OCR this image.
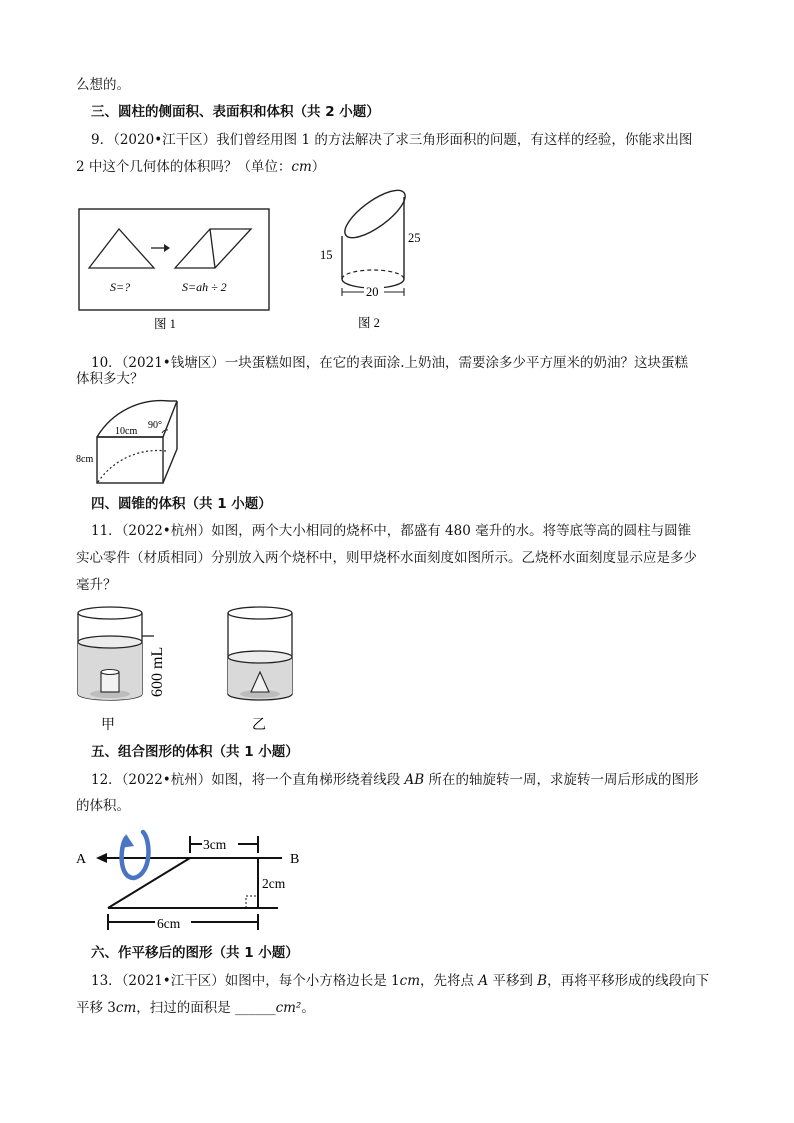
么想的。
三、圆柱的侧面积、表面积和体积（共 2 小题）
9．（2020•江干区）我们曾经用图 1 的方法解决了求三角形面积的问题，有这样的经验，你能求出图
2 中这个几何体的体积吗？（单位：cm）
S=?	S=ah ÷ 2
图 1
20
15
25
图 2
10．（2021•钱塘区）一块蛋糕如图，在它的表面涂.上奶油，需要涂多少平方厘米的奶油？这块蛋糕
体积多大？
10cm
90°
8cm
四、圆锥的体积（共 1 小题）
11．（2022•杭州）如图，两个大小相同的烧杯中，都盛有 480 毫升的水。将等底等高的圆柱与圆锥
实心零件（材质相同）分别放入两个烧杯中，则甲烧杯水面刻度如图所示。乙烧杯水面刻度显示应是多少
毫升？
600 mL
甲	乙
五、组合图形的体积（共 1 小题）
12．（2022•杭州）如图，将一个直角梯形绕着线段 AB 所在的轴旋转一周，求旋转一周后形成的图形
的体积。
A	B
3cm
2cm
6cm
六、作平移后的图形（共 1 小题）
13．（2021•江干区）如图中，每个小方格边长是 1cm，先将点 A 平移到 B，再将平移形成的线段向下
平移 3cm，扫过的面积是 ______cm²。
